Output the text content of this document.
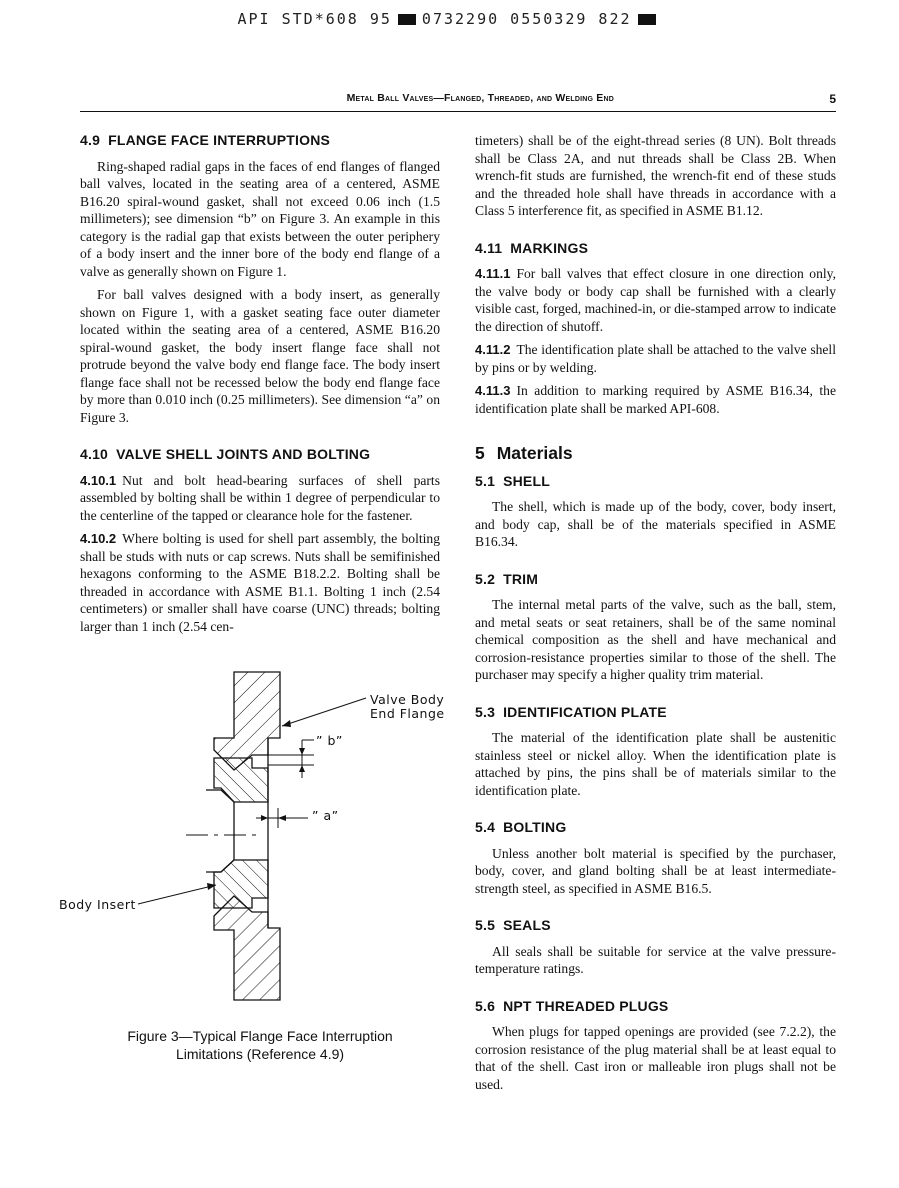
API STD*608 95 0732290 0550329 822
Metal Ball Valves—Flanged, Threaded, and Welding End	5
4.9 FLANGE FACE INTERRUPTIONS

Ring-shaped radial gaps in the faces of end flanges of flanged ball valves, located in the seating area of a centered, ASME B16.20 spiral-wound gasket, shall not exceed 0.06 inch (1.5 millimeters); see dimension “b” on Figure 3. An example in this category is the radial gap that exists between the outer periphery of a body insert and the inner bore of the body end flange of a valve as generally shown on Figure 1.

For ball valves designed with a body insert, as generally shown on Figure 1, with a gasket seating face outer diameter located within the seating area of a centered, ASME B16.20 spiral-wound gasket, the body insert flange face shall not protrude beyond the valve body end flange face. The body insert flange face shall not be recessed below the body end flange face by more than 0.010 inch (0.25 millimeters). See dimension “a” on Figure 3.

4.10 VALVE SHELL JOINTS AND BOLTING

4.10.1 Nut and bolt head-bearing surfaces of shell parts assembled by bolting shall be within 1 degree of perpendicular to the centerline of the tapped or clearance hole for the fastener.

4.10.2 Where bolting is used for shell part assembly, the bolting shall be studs with nuts or cap screws. Nuts shall be semifinished hexagons conforming to the ASME B18.2.2. Bolting shall be threaded in accordance with ASME B1.1. Bolting 1 inch (2.54 centimeters) or smaller shall have coarse (UNC) threads; bolting larger than 1 inch (2.54 cen-

Valve Body
End Flange
” b”
” a”
Body Insert
Figure 3—Typical Flange Face Interruption
Limitations (Reference 4.9)

timeters) shall be of the eight-thread series (8 UN). Bolt threads shall be Class 2A, and nut threads shall be Class 2B. When wrench-fit studs are furnished, the wrench-fit end of these studs and the threaded hole shall have threads in accordance with a Class 5 interference fit, as specified in ASME B1.12.

4.11 MARKINGS

4.11.1 For ball valves that effect closure in one direction only, the valve body or body cap shall be furnished with a clearly visible cast, forged, machined-in, or die-stamped arrow to indicate the direction of shutoff.

4.11.2 The identification plate shall be attached to the valve shell by pins or by welding.

4.11.3 In addition to marking required by ASME B16.34, the identification plate shall be marked API-608.

5 Materials
5.1 SHELL

The shell, which is made up of the body, cover, body insert, and body cap, shall be of the materials specified in ASME B16.34.

5.2 TRIM

The internal metal parts of the valve, such as the ball, stem, and metal seats or seat retainers, shall be of the same nominal chemical composition as the shell and have mechanical and corrosion-resistance properties similar to those of the shell. The purchaser may specify a higher quality trim material.

5.3 IDENTIFICATION PLATE

The material of the identification plate shall be austenitic stainless steel or nickel alloy. When the identification plate is attached by pins, the pins shall be of materials similar to the identification plate.

5.4 BOLTING

Unless another bolt material is specified by the purchaser, body, cover, and gland bolting shall be at least intermediate-strength steel, as specified in ASME B16.5.

5.5 SEALS

All seals shall be suitable for service at the valve pressure-temperature ratings.

5.6 NPT THREADED PLUGS

When plugs for tapped openings are provided (see 7.2.2), the corrosion resistance of the plug material shall be at least equal to that of the shell. Cast iron or malleable iron plugs shall not be used.
